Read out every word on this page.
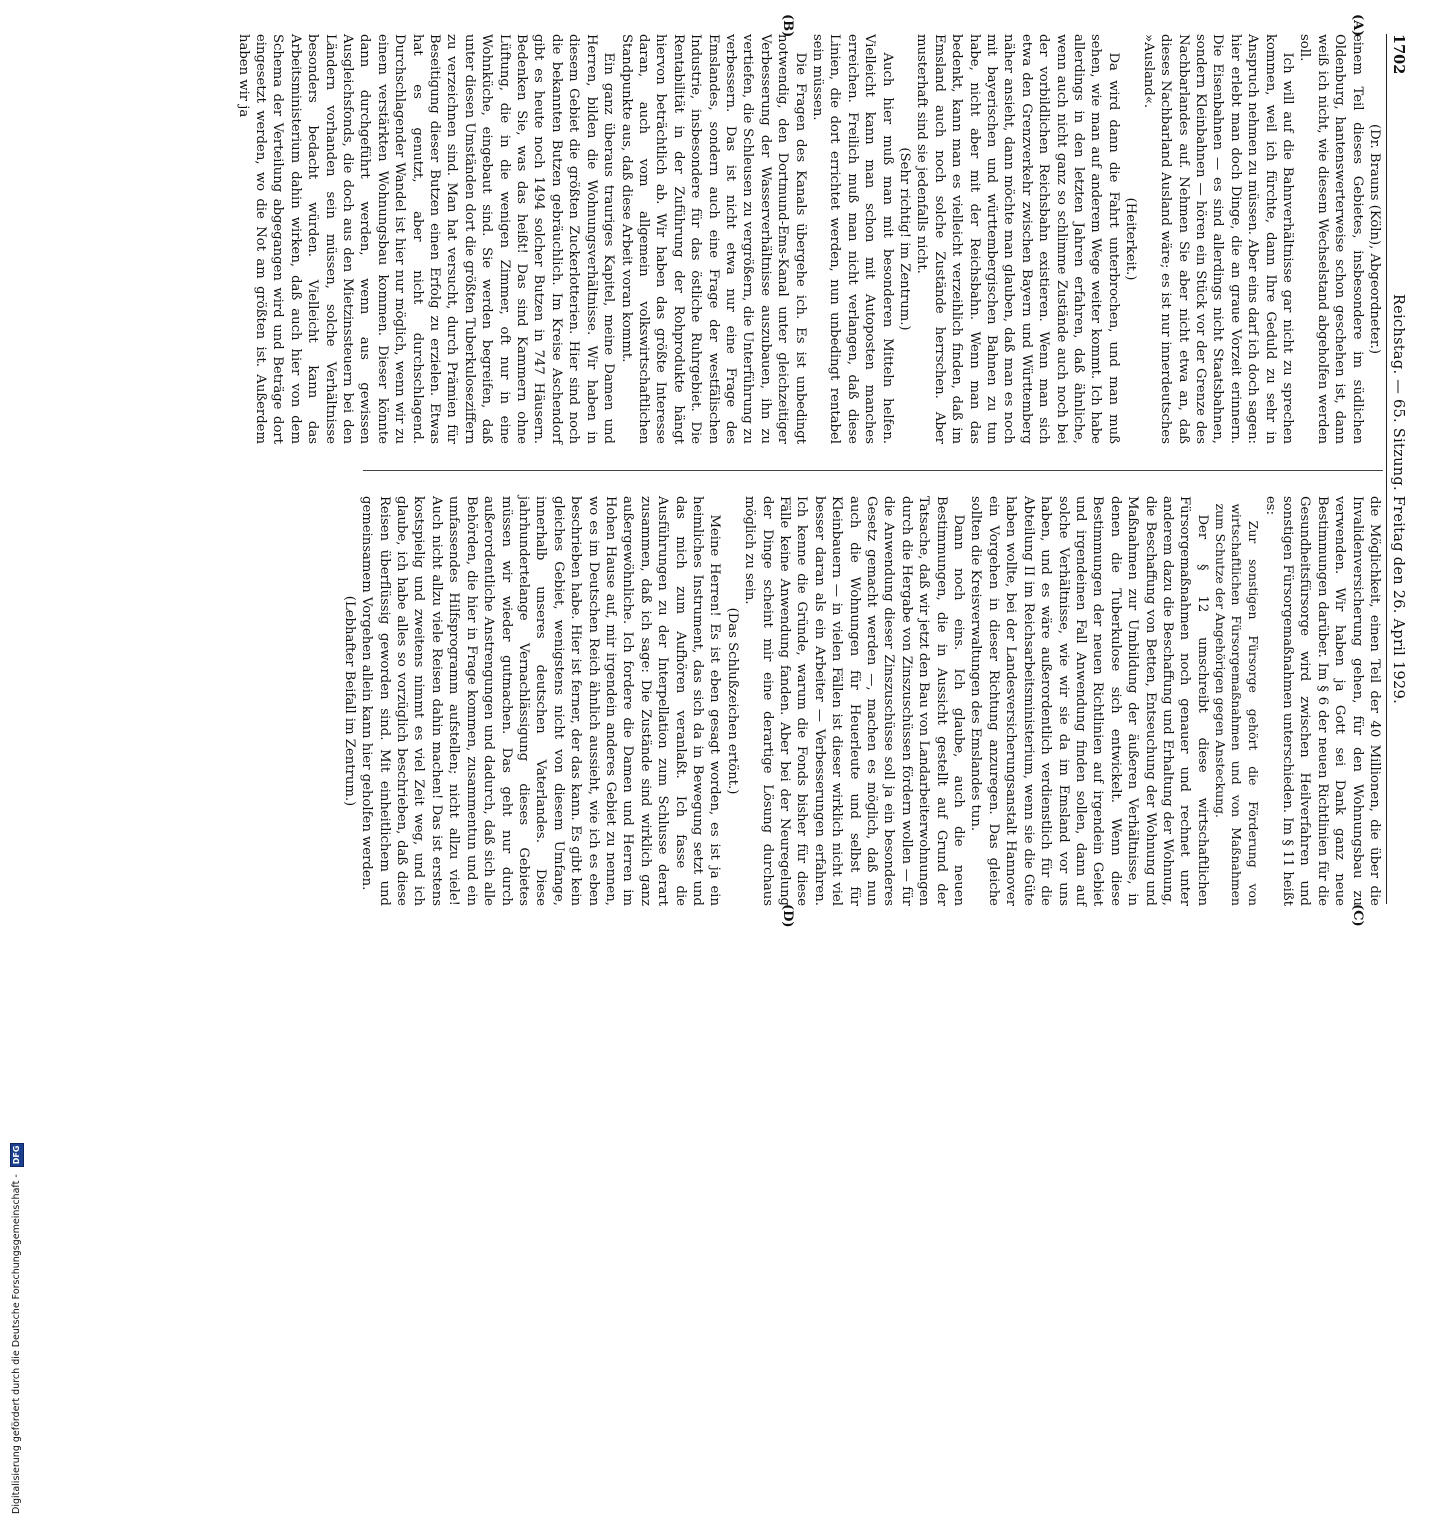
1702
Reichstag. — 65. Sitzung. Freitag den 26. April 1929.
(A)
(B)
(C)
(D)

(Dr. Brauns (Köln), Abgeordneter.)

einem Teil dieses Gebietes, insbesondere im südlichen Oldenburg, hantenswerterweise schon geschehen ist, dann weiß ich nicht, wie diesem Wechselstand abgeholfen werden soll.

Ich will auf die Bahnverhältnisse gar nicht zu sprechen kommen, weil ich fürchte, dann Ihre Geduld zu sehr in Anspruch nehmen zu müssen. Aber eins darf ich doch sagen: hier erlebt man doch Dinge, die an graue Vorzeit erinnern. Die Eisenbahnen — es sind allerdings nicht Staatsbahnen, sondern Kleinbahnen — hören ein Stück vor der Grenze des Nachbarlandes auf. Nehmen Sie aber nicht etwa an, daß dieses Nachbarland Ausland wäre; es ist nur innerdeutsches »Ausland«.

(Heiterkeit.)

Da wird dann die Fahrt unterbrochen, und man muß sehen, wie man auf anderem Wege weiter kommt. Ich habe allerdings in den letzten Jahren erfahren, daß ähnliche, wenn auch nicht ganz so schlimme Zustände auch noch bei der vorbildlichen Reichsbahn existieren. Wenn man sich etwa den Grenzverkehr zwischen Bayern und Württemberg näher ansieht, dann möchte man glauben, daß man es noch mit bayerischen und württembergischen Bahnen zu tun habe, nicht aber mit der Reichsbahn. Wenn man das bedenkt, kann man es vielleicht verzeihlich finden, daß im Emsland auch noch solche Zustände herrschen. Aber musterhaft sind sie jedenfalls nicht.

(Sehr richtig! im Zentrum.)

Auch hier muß man mit besonderen Mitteln helfen. Vielleicht kann man schon mit Autoposten manches erreichen. Freilich muß man nicht verlangen, daß diese Linien, die dort errichtet werden, nun unbedingt rentabel sein müssen.

Die Fragen des Kanals übergehe ich. Es ist unbedingt notwendig, den Dortmund-Ems-Kanal unter gleichzeitiger Verbesserung der Wasserverhältnisse auszubauen, ihn zu vertiefen, die Schleusen zu vergrößern, die Unterführung zu verbessern. Das ist nicht etwa nur eine Frage des Emslandes, sondern auch eine Frage der westfälischen Industrie, insbesondere für das östliche Ruhrgebiet. Die Rentabilität in der Zuführung der Rohprodukte hängt hiervon beträchtlich ab. Wir haben das größte Interesse daran, auch vom allgemein volkswirtschaftlichen Standpunkte aus, daß diese Arbeit voran kommt.

Ein ganz überaus trauriges Kapitel, meine Damen und Herren, bilden die Wohnungsverhältnisse. Wir haben in diesem Gebiet die größten Zuckerlotterien. Hier sind noch die bekannten Butzen gebräuchlich. Im Kreise Aschendorf gibt es heute noch 1494 solcher Butzen in 747 Häusern. Bedenken Sie, was das heißt! Das sind Kammern ohne Lüftung, die in die wenigen Zimmer, oft nur in eine Wohnküche, eingebaut sind. Sie werden begreifen, daß unter diesen Umständen dort die größten Tuberkuloseziffern zu verzeichnen sind. Man hat versucht, durch Prämien für Beseitigung dieser Butzen einen Erfolg zu erzielen. Etwas hat es genutzt, aber nicht durchschlagend. Durchschlagender Wandel ist hier nur möglich, wenn wir zu einem verstärkten Wohnungsbau kommen. Dieser könnte dann durchgeführt werden, wenn aus gewissen Ausgleichsfonds, die doch aus den Mietzinssteuern bei den Ländern vorhanden sein müssen, solche Verhältnisse besonders bedacht würden. Vielleicht kann das Arbeitsministerium dahin wirken, daß auch hier von dem Schema der Verteilung abgegangen wird und Beträge dort eingesetzt werden, wo die Not am größten ist. Außerdem haben wir ja

die Möglichkeit, einen Teil der 40 Millionen, die über die Invalidenversicherung gehen, für den Wohnungsbau zu verwenden. Wir haben ja Gott sei Dank ganz neue Bestimmungen darüber. Im § 6 der neuen Richtlinien für die Gesundheitsfürsorge wird zwischen Heilverfahren und sonstigen Fürsorgemaßnahmen unterschieden. Im § 11 heißt es:

Zur sonstigen Fürsorge gehört die Förderung von wirtschaftlichen Fürsorgemaßnahmen und von Maßnahmen zum Schutze der Angehörigen gegen Ansteckung.

Der § 12 umschreibt diese wirtschaftlichen Fürsorgemaßnahmen noch genauer und rechnet unter anderem dazu die Beschaffung und Erhaltung der Wohnung, die Beschaffung von Betten, Entseuchung der Wohnung und Maßnahmen zur Umbildung der äußeren Verhältnisse, in denen die Tuberkulose sich entwickelt. Wenn diese Bestimmungen der neuen Richtlinien auf irgendein Gebiet und irgendeinen Fall Anwendung finden sollen, dann auf solche Verhältnisse, wie wir sie da im Emsland vor uns haben, und es wäre außerordentlich verdienstlich für die Abteilung II im Reichsarbeitsministerium, wenn sie die Güte haben wollte, bei der Landesversicherungsanstalt Hannover ein Vorgehen in dieser Richtung anzuregen. Das gleiche sollten die Kreisverwaltungen des Emslandes tun.

Dann noch eins. Ich glaube, auch die neuen Bestimmungen, die in Aussicht gestellt auf Grund der Tatsache, daß wir jetzt den Bau von Landarbeiterwohnungen durch die Hergabe von Zinszuschüssen fördern wollen — für die Anwendung dieser Zinszuschüsse soll ja ein besonderes Gesetz gemacht werden —, machen es möglich, daß nun auch die Wohnungen für Heuerleute und selbst für Kleinbauern — in vielen Fällen ist dieser wirklich nicht viel besser daran als ein Arbeiter — Verbesserungen erfahren. Ich kenne die Gründe, warum die Fonds bisher für diese Fälle keine Anwendung fanden. Aber bei der Neuregelung der Dinge scheint mir eine derartige Lösung durchaus möglich zu sein.

(Das Schlußzeichen ertönt.)

Meine Herren! Es ist eben gesagt worden, es ist ja ein heimliches Instrument, das sich da in Bewegung setzt und das mich zum Aufhören veranlaßt. Ich fasse die Ausführungen zu der Interpellation zum Schlusse derart zusammen, daß ich sage: Die Zustände sind wirklich ganz außergewöhnliche. Ich fordere die Damen und Herren im Hohen Hause auf, mir irgendein anderes Gebiet zu nennen, wo es im Deutschen Reich ähnlich aussieht, wie ich es eben beschrieben habe. Hier ist ferner, der das kann. Es gibt kein gleiches Gebiet, wenigstens nicht von diesem Umfange, innerhalb unseres deutschen Vaterlandes. Diese jahrhundertelange Vernachlässigung dieses Gebietes müssen wir wieder gutmachen. Das geht nur durch außerordentliche Anstrengungen und dadurch, daß sich alle Behörden, die hier in Frage kommen, zusammentun und ein umfassendes Hilfsprogramm aufstellen; nicht allzu viele! Auch nicht allzu viele Reisen dahin machen! Das ist erstens kostspielig und zweitens nimmt es viel Zeit weg, und ich glaube, ich habe alles so vorzüglich beschrieben, daß diese Reisen überflüssig geworden sind. Mit einheitlichem und gemeinsamem Vorgehen allein kann hier geholfen werden.

(Lebhafter Beifall im Zentrum.)

Digitalisierung gefördert durch die Deutsche Forschungsgemeinschaft - DFG
